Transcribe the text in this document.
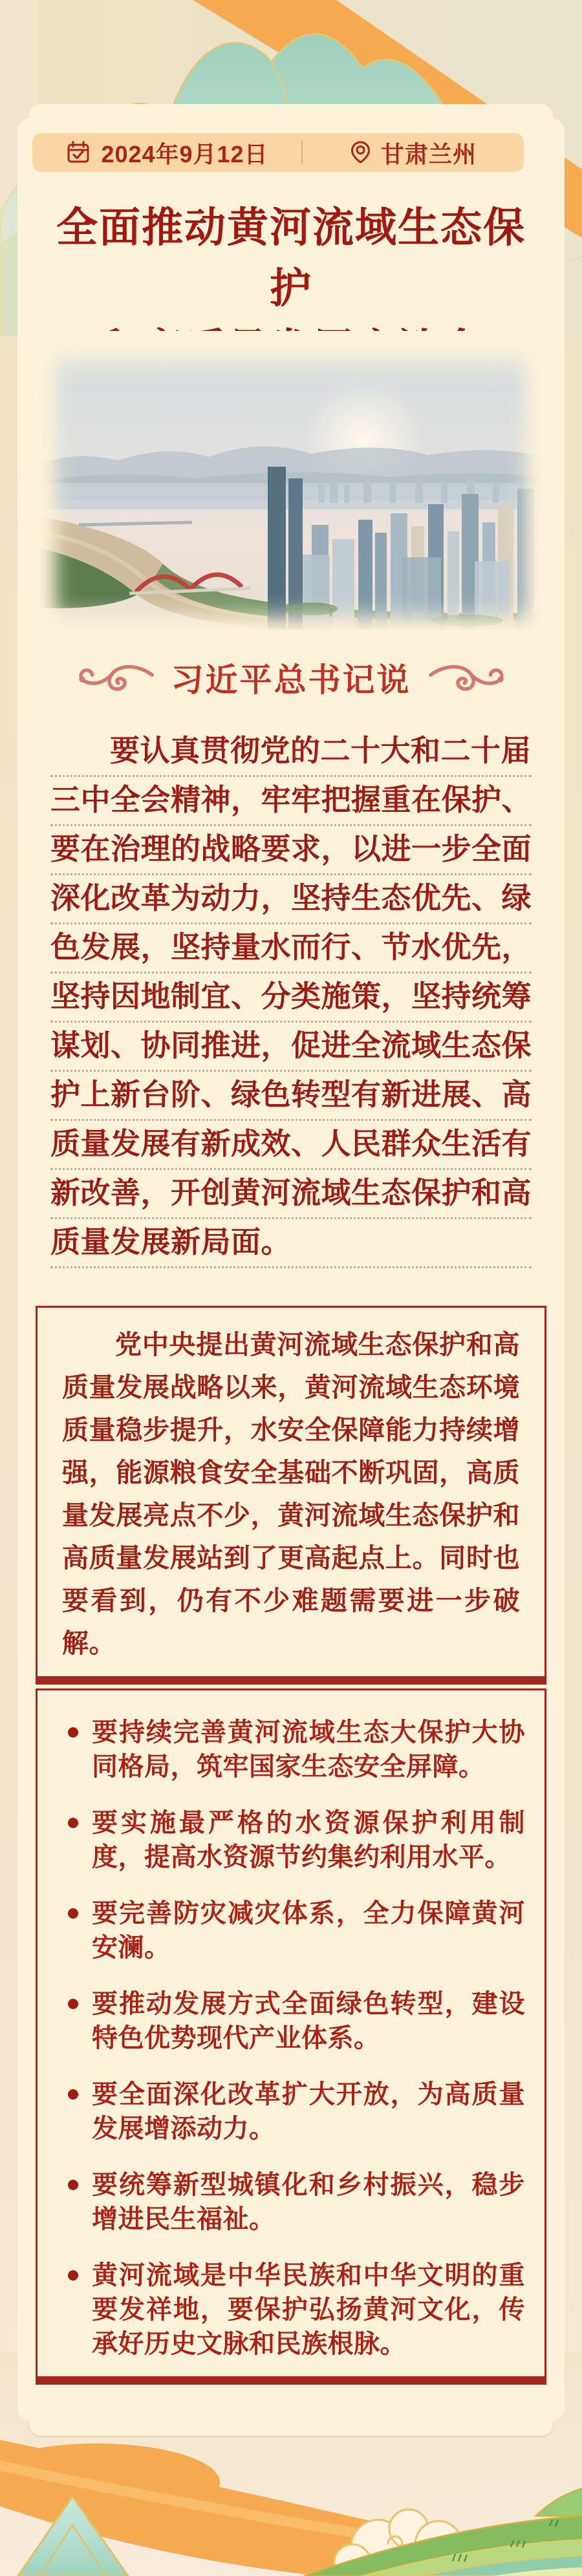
2024年9月12日	甘肃兰州
全面推动黄河流域生态保护
习近平总书记说
要认真贯彻党的二十大和二十届
三中全会精神，牢牢把握重在保护、
要在治理的战略要求，以进一步全面
深化改革为动力，坚持生态优先、绿
色发展，坚持量水而行、节水优先，
坚持因地制宜、分类施策，坚持统筹
谋划、协同推进，促进全流域生态保
护上新台阶、绿色转型有新进展、高
质量发展有新成效、人民群众生活有
新改善，开创黄河流域生态保护和高
质量发展新局面。

党中央提出黄河流域生态保护和高质量发展战略以来，黄河流域生态环境质量稳步提升，水安全保障能力持续增强，能源粮食安全基础不断巩固，高质量发展亮点不少，黄河流域生态保护和高质量发展站到了更高起点上。同时也要看到，仍有不少难题需要进一步破解。

要持续完善黄河流域生态大保护大协同格局，筑牢国家生态安全屏障。
要实施最严格的水资源保护利用制度，提高水资源节约集约利用水平。
要完善防灾减灾体系，全力保障黄河安澜。
要推动发展方式全面绿色转型，建设特色优势现代产业体系。
要全面深化改革扩大开放，为高质量发展增添动力。
要统筹新型城镇化和乡村振兴，稳步增进民生福祉。
黄河流域是中华民族和中华文明的重要发祥地，要保护弘扬黄河文化，传承好历史文脉和民族根脉。
